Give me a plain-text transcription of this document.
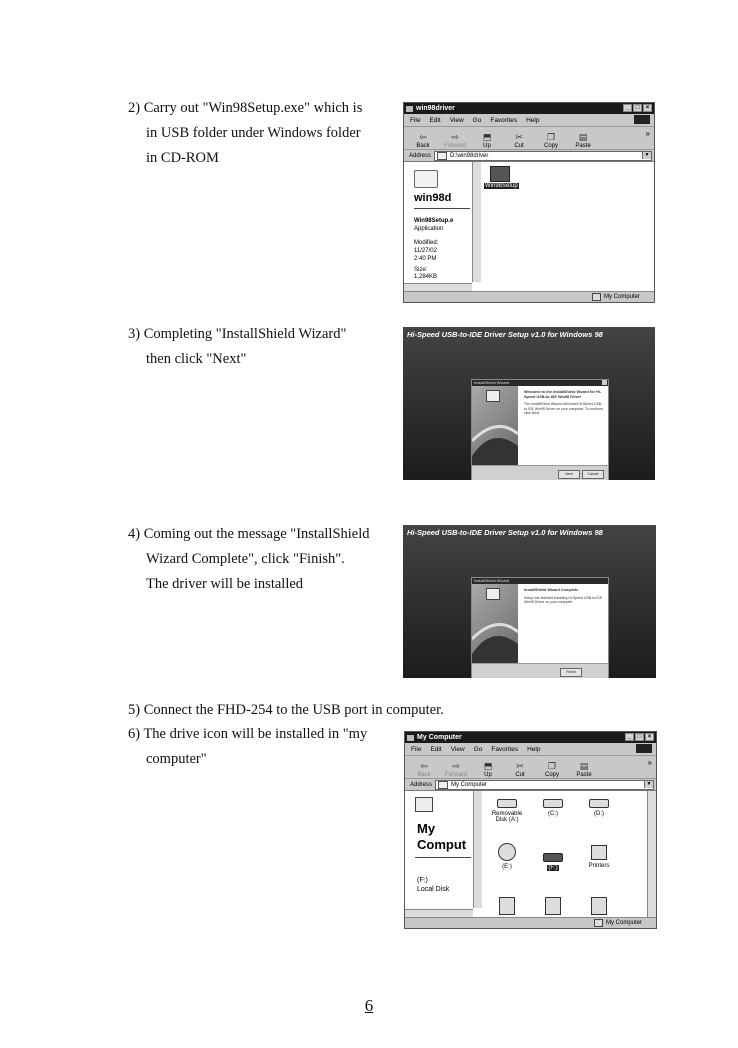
2) Carry out "Win98Setup.exe" which is
in USB folder under Windows folder
in CD-ROM
win98driver	_	□	×
File Edit View Go Favorites Help
⇦
Back
⇨
Forward
⬒
Up
✂
Cut
❐
Copy
▤
Paste
»
Address	D:\win98driver	▼
win98d
Win98Setup.e
Application
Modified:
11/27/02
2:40 PM
Size:
1,284KB
Win98Setup
My Computer
3) Completing "InstallShield Wizard"
then click "Next"
Hi-Speed USB-to-IDE Driver Setup v1.0 for Windows 98
InstallShield Wizard
Welcome to the InstallShield Wizard for Hi-Speed USB-to-IDE Win98 Driver
The InstallShield Wizard will install Hi-Speed USB-to-IDE Win98 Driver on your computer. To continue, click Next.
Next	Cancel
4) Coming out the message "InstallShield
Wizard Complete", click "Finish".
The driver will be installed
Hi-Speed USB-to-IDE Driver Setup v1.0 for Windows 98
InstallShield Wizard
InstallShield Wizard Complete
Setup has finished installing Hi-Speed USB-to-IDE Win98 Driver on your computer.
Finish
5) Connect the FHD-254 to the USB port in computer.
6) The drive icon will be installed in "my
computer"
My Computer	_	□	×
File Edit View Go Favorites Help
⇦
Back
⇨
Forward
⬒
Up
✂
Cut
❐
Copy
▤
Paste
»
Address	My Computer	▼
My
Comput
(F:)
Local Disk
Removable Disk (A:)
(C:)	(D:)
(E:)	(F:)	Printers
My Computer
6
